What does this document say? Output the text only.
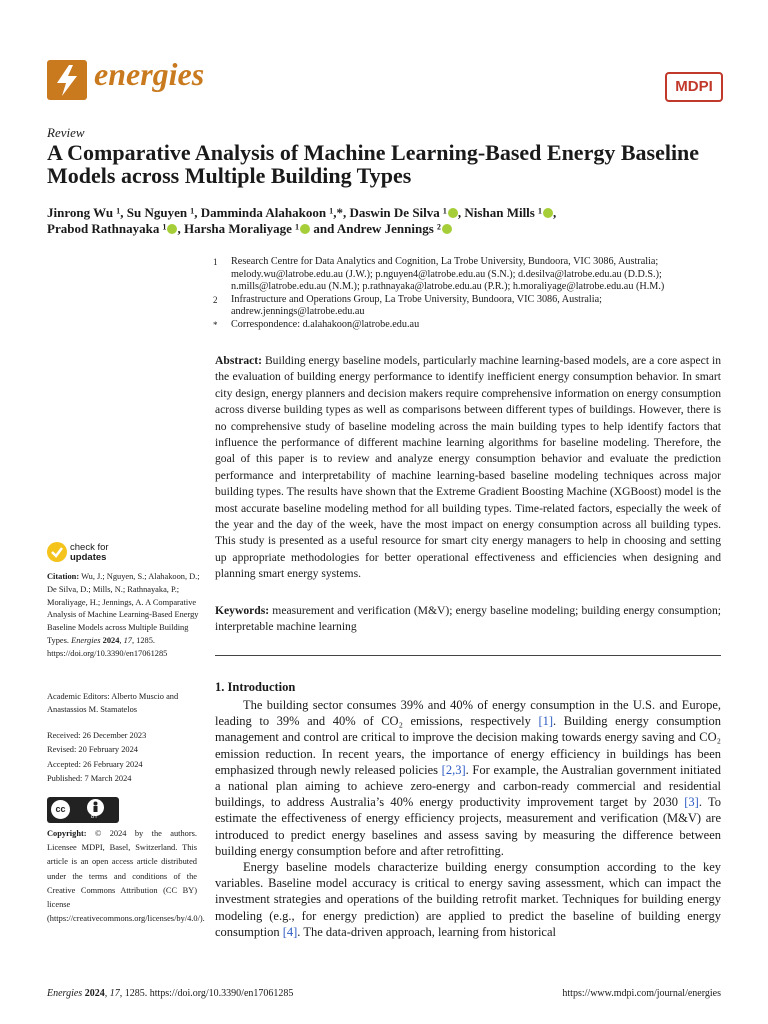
energies	MDPI
Review
A Comparative Analysis of Machine Learning-Based Energy Baseline Models across Multiple Building Types
Jinrong Wu ¹, Su Nguyen ¹, Damminda Alahakoon ¹,*, Daswin De Silva ¹ , Nishan Mills ¹ ,
Prabod Rathnayaka ¹ , Harsha Moraliyage ¹ and Andrew Jennings ²
1	Research Centre for Data Analytics and Cognition, La Trobe University, Bundoora, VIC 3086, Australia; melody.wu@latrobe.edu.au (J.W.); p.nguyen4@latrobe.edu.au (S.N.); d.desilva@latrobe.edu.au (D.D.S.); n.mills@latrobe.edu.au (N.M.); p.rathnayaka@latrobe.edu.au (P.R.); h.moraliyage@latrobe.edu.au (H.M.)
2	Infrastructure and Operations Group, La Trobe University, Bundoora, VIC 3086, Australia; andrew.jennings@latrobe.edu.au
*	Correspondence: d.alahakoon@latrobe.edu.au
Abstract: Building energy baseline models, particularly machine learning-based models, are a core aspect in the evaluation of building energy performance to identify inefficient energy consumption behavior. In smart city design, energy planners and decision makers require comprehensive information on energy consumption across diverse building types as well as comparisons between different types of buildings. However, there is no comprehensive study of baseline modeling across the main building types to help identify factors that influence the performance of different machine learning algorithms for baseline modeling. Therefore, the goal of this paper is to review and analyze energy consumption behavior and evaluate the prediction performance and interpretability of machine learning-based baseline modeling techniques across major building types. The results have shown that the Extreme Gradient Boosting Machine (XGBoost) model is the most accurate baseline modeling method for all building types. Time-related factors, especially the week of the year and the day of the week, have the most impact on energy consumption across all building types. This study is presented as a useful resource for smart city energy managers to help in choosing and setting up appropriate methodologies for better operational effectiveness and efficiencies when designing and planning smart energy systems.
Keywords: measurement and verification (M&V); energy baseline modeling; building energy consumption; interpretable machine learning
1. Introduction

The building sector consumes 39% and 40% of energy consumption in the U.S. and Europe, leading to 39% and 40% of CO₂ emissions, respectively [1]. Building energy consumption management and control are critical to improve the decision making towards energy saving and CO₂ emission reduction. In recent years, the importance of energy efficiency in buildings has been emphasized through newly released policies [2,3]. For example, the Australian government initiated a national plan aiming to achieve zero-energy and carbon-ready commercial and residential buildings, to address Australia’s 40% energy productivity improvement target by 2030 [3]. To estimate the effectiveness of energy efficiency projects, measurement and verification (M&V) are introduced to predict energy baselines and assess saving by measuring the difference between building energy consumption before and after retrofitting.

Energy baseline models characterize building energy consumption according to the key variables. Baseline model accuracy is critical to energy saving assessment, which can impact the investment strategies and operations of the building retrofit market. Techniques for building energy modeling (e.g., for energy prediction) are applied to predict the baseline of building energy consumption [4]. The data-driven approach, learning from historical

check for
updates
Citation: Wu, J.; Nguyen, S.; Alahakoon, D.; De Silva, D.; Mills, N.; Rathnayaka, P.; Moraliyage, H.; Jennings, A. A Comparative Analysis of Machine Learning-Based Energy Baseline Models across Multiple Building Types. Energies 2024, 17, 1285. https://doi.org/10.3390/en17061285
Academic Editors: Alberto Muscio and Anastassios M. Stamatelos
Received: 26 December 2023
Revised: 20 February 2024
Accepted: 26 February 2024
Published: 7 March 2024
cc
BY
Copyright: © 2024 by the authors. Licensee MDPI, Basel, Switzerland. This article is an open access article distributed under the terms and conditions of the Creative Commons Attribution (CC BY) license (https://creativecommons.org/licenses/by/4.0/).
Energies 2024, 17, 1285. https://doi.org/10.3390/en17061285	https://www.mdpi.com/journal/energies
